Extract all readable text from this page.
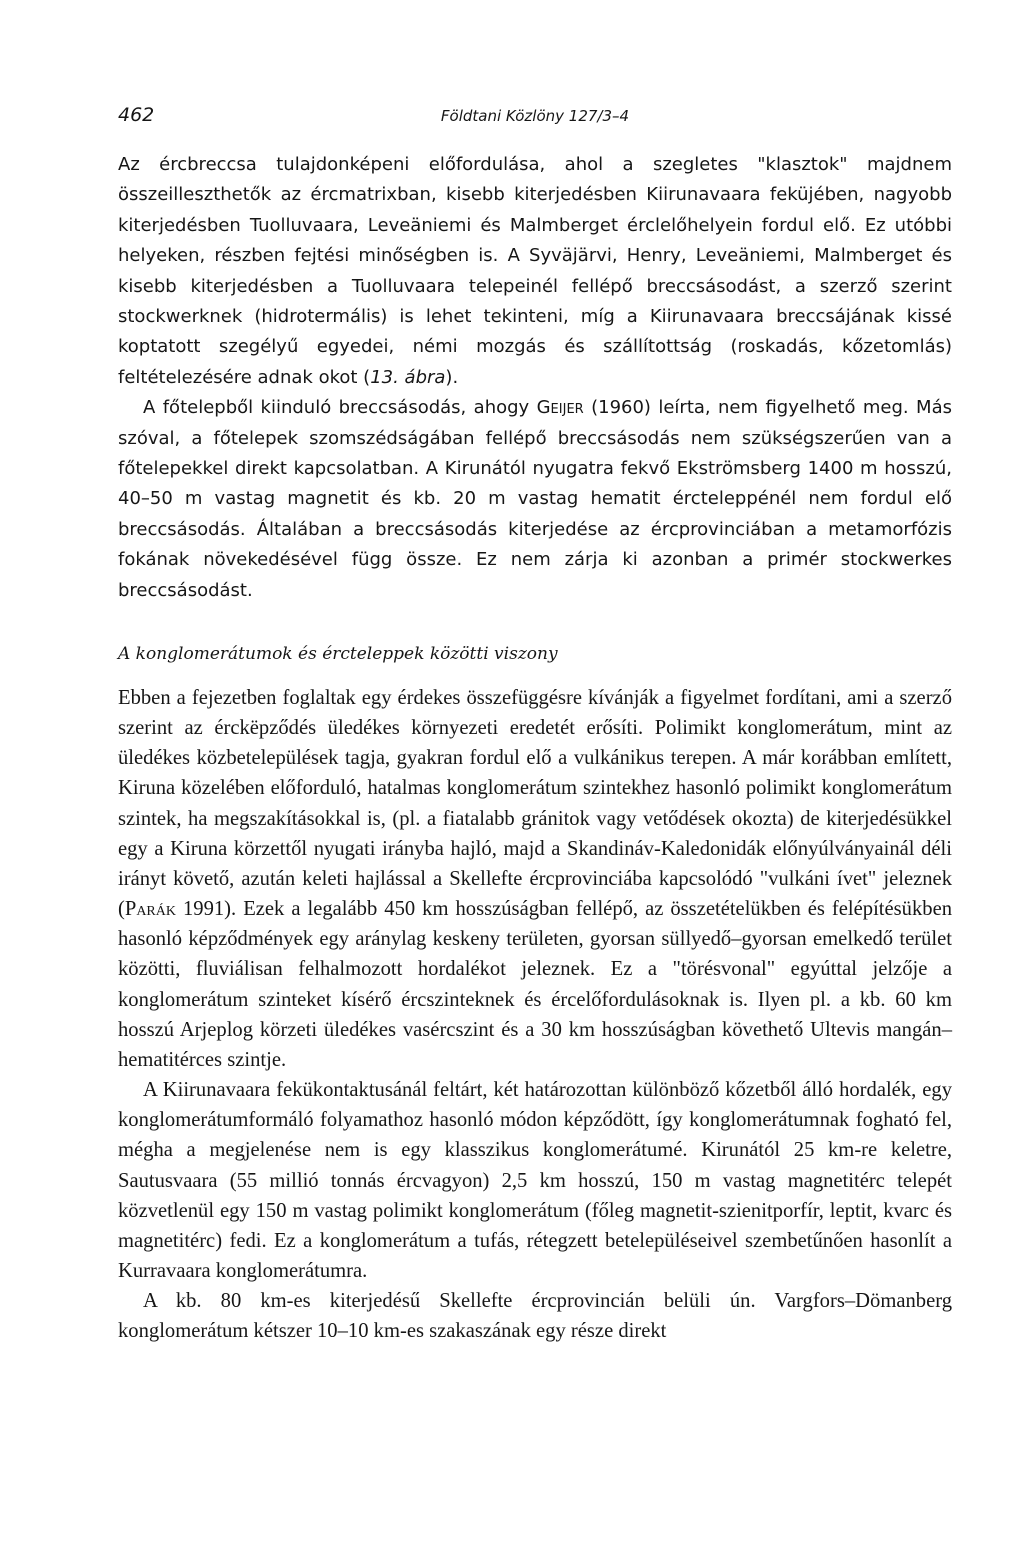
462	Földtani Közlöny 127/3–4

Az ércbreccsa tulajdonképeni előfordulása, ahol a szegletes "klasztok" majdnem összeilleszthetők az ércmatrixban, kisebb kiterjedésben Kiirunavaara feküjében, nagyobb kiterjedésben Tuolluvaara, Leveäniemi és Malmberget érclelőhelyein fordul elő. Ez utóbbi helyeken, részben fejtési minőségben is. A Syväjärvi, Henry, Leveäniemi, Malmberget és kisebb kiterjedésben a Tuolluvaara telepeinél fellépő breccsásodást, a szerző szerint stockwerknek (hidrotermális) is lehet tekinteni, míg a Kiirunavaara breccsájának kissé koptatott szegélyű egyedei, némi mozgás és szállítottság (roskadás, kőzetomlás) feltételezésére adnak okot (13. ábra).

A főtelepből kiinduló breccsásodás, ahogy Geijer (1960) leírta, nem figyelhető meg. Más szóval, a főtelepek szomszédságában fellépő breccsásodás nem szükségszerűen van a főtelepekkel direkt kapcsolatban. A Kirunától nyugatra fekvő Ekströmsberg 1400 m hosszú, 40–50 m vastag magnetit és kb. 20 m vastag hematit ércteleppénél nem fordul elő breccsásodás. Általában a breccsásodás kiterjedése az ércprovinciában a metamorfózis fokának növekedésével függ össze. Ez nem zárja ki azonban a primér stockwerkes breccsásodást.

A konglomerátumok és ércteleppek közötti viszony

Ebben a fejezetben foglaltak egy érdekes összefüggésre kívánják a figyelmet fordítani, ami a szerző szerint az érckëpződés üledékes környezeti eredetét erősíti. Polimikt konglomerátum, mint az üledékes közbetelepülések tagja, gyakran fordul elő a vulkánikus terepen. A már korábban említett, Kiruna közelében előforduló, hatalmas konglomerátum szintekhez hasonló polimikt konglomerátum szintek, ha megszakításokkal is, (pl. a fiatalabb gránitok vagy vetődések okozta) de kiterjedésükkel egy a Kiruna körzettől nyugati irányba hajló, majd a Skandináv-Kaledonidák előnyúlványainál déli irányt követő, azután keleti hajlással a Skellefte ércprovinciába kapcsolódó "vulkáni ívet" jeleznek (Parák 1991). Ezek a legalább 450 km hosszúságban fellépő, az összetételükben és felépítésükben hasonló képződmények egy aránylag keskeny területen, gyorsan süllyedő–gyorsan emelkedő terület közötti, fluviálisan felhalmozott hordalékot jeleznek. Ez a "törésvonal" egyúttal jelzője a konglomerátum szinteket kísérő ércszinteknek és ércelőfordulásoknak is. Ilyen pl. a kb. 60 km hosszú Arjeplog körzeti üledékes vasércszint és a 30 km hosszúságban követhető Ultevis mangán–hematitérces szintje.

A Kiirunavaara fekükontaktusánál feltárt, két határozottan különböző kőzetből álló hordalék, egy konglomerátumformáló folyamathoz hasonló módon képződött, így konglomerátumnak fogható fel, mégha a megjelenése nem is egy klasszikus konglomerátumé. Kirunától 25 km-re keletre, Sautusvaara (55 millió tonnás ércvagyon) 2,5 km hosszú, 150 m vastag magnetitérc telepét közvetlenül egy 150 m vastag polimikt konglomerátum (főleg magnetit-szienitporfír, leptit, kvarc és magnetitérc) fedi. Ez a konglomerátum a tufás, rétegzett betelepüléseivel szembetűnően hasonlít a Kurravaara konglomerátumra.

A kb. 80 km-es kiterjedésű Skellefte ércprovincián belüli ún. Vargfors–Dömanberg konglomerátum kétszer 10–10 km-es szakaszának egy része direkt
